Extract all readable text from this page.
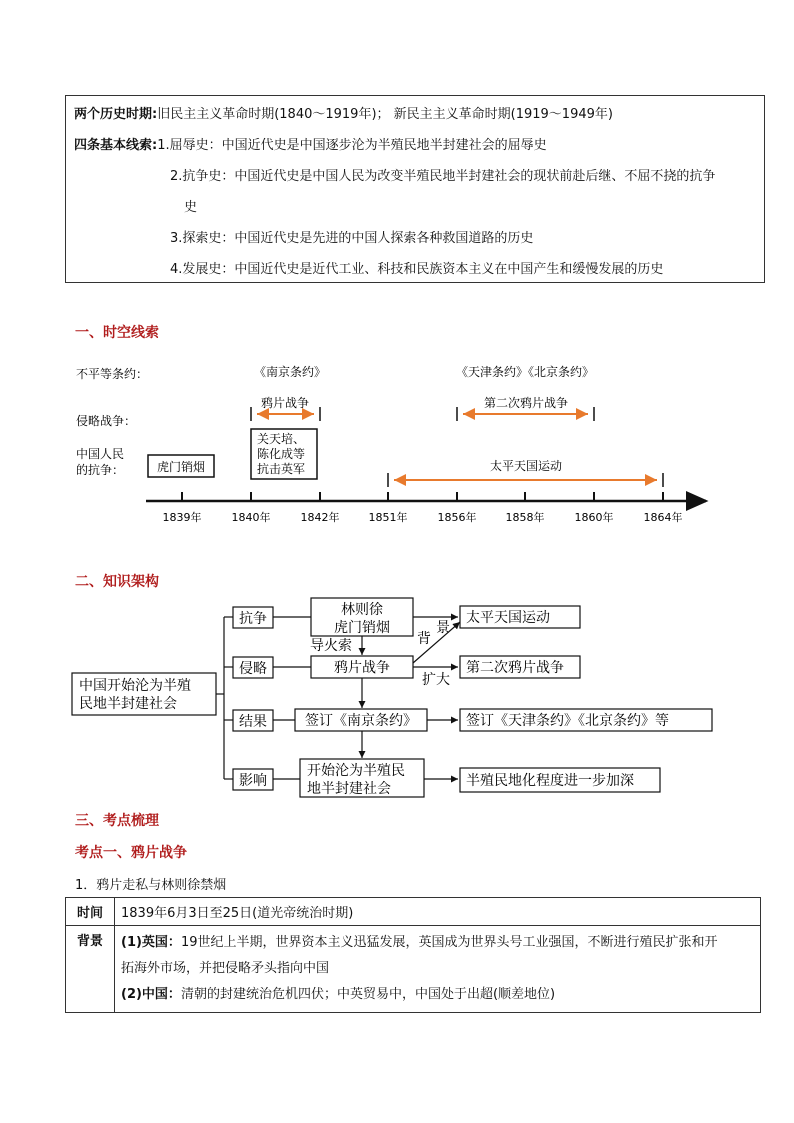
两个历史时期:旧民主主义革命时期(1840～1919年)； 新民主主义革命时期(1919～1949年)
四条基本线索:1.屈辱史：中国近代史是中国逐步沦为半殖民地半封建社会的屈辱史
2.抗争史：中国近代史是中国人民为改变半殖民地半封建社会的现状前赴后继、不屈不挠的抗争
史
3.探索史：中国近代史是先进的中国人探索各种救国道路的历史
4.发展史：中国近代史是近代工业、科技和民族资本主义在中国产生和缓慢发展的历史
一、时空线索
不平等条约：
侵略战争：
中国人民
的抗争：
《南京条约》	《天津条约》《北京条约》
鸦片战争	第二次鸦片战争
虎门销烟
关天培、
陈化成等
抗击英军	太平天国运动
1839年	1840年	1842年	1851年	1856年	1858年	1860年	1864年
二、知识架构
中国开始沦为半殖
民地半封建社会
抗争
侵略
结果
影响
林则徐
虎门销烟
导火索
鸦片战争
签订《南京条约》
开始沦为半殖民
地半封建社会
背
景
扩大
太平天国运动
第二次鸦片战争
签订《天津条约》《北京条约》等
半殖民地化程度进一步加深
三、考点梳理
考点一、鸦片战争
1．鸦片走私与林则徐禁烟
时间	1839年6月3日至25日(道光帝统治时期)
背景	(1)英国：19世纪上半期，世界资本主义迅猛发展，英国成为世界头号工业强国，不断进行殖民扩张和开
拓海外市场，并把侵略矛头指向中国
(2)中国：清朝的封建统治危机四伏；中英贸易中，中国处于出超(顺差地位)
